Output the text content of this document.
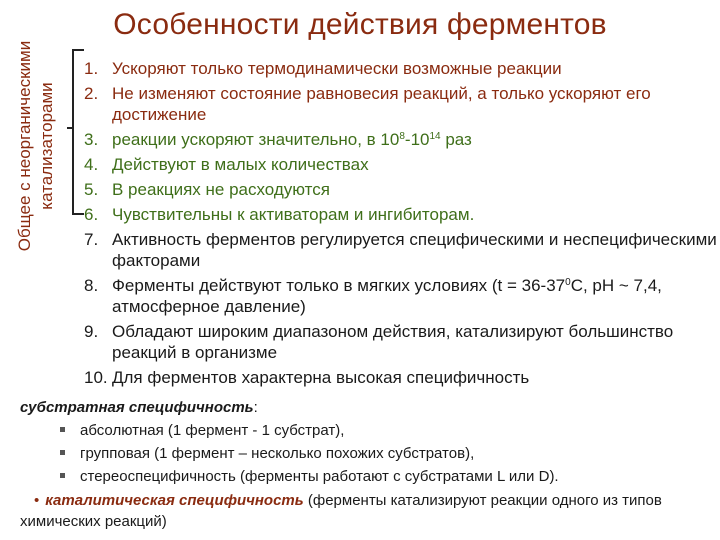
Особенности действия ферментов
Общее с неорганическими катализаторами
1. Ускоряют только термодинамически возможные реакции
2. Не изменяют состояние равновесия реакций, а только ускоряют его достижение
3. реакции ускоряют значительно, в $10^8-10^{14}$ раз
4. Действуют в малых количествах
5. В реакциях не расходуются
6. Чувствительны к активаторам и ингибиторам.
7. Активность ферментов регулируется специфическими и неспецифическими факторами
8. Ферменты действуют только в мягких условиях ($t = 36-37^0С$, рН ~ 7,4, атмосферное давление)
9. Обладают широким диапазоном действия, катализируют большинство реакций в организме
10. Для ферментов характерна высокая специфичность
субстратная специфичность:
абсолютная (1 фермент - 1 субстрат),
групповая (1 фермент – несколько похожих субстратов),
стереоспецифичность (ферменты работают с субстратами L или D).
• каталитическая специфичность (ферменты катализируют реакции одного из типов химических реакций)
